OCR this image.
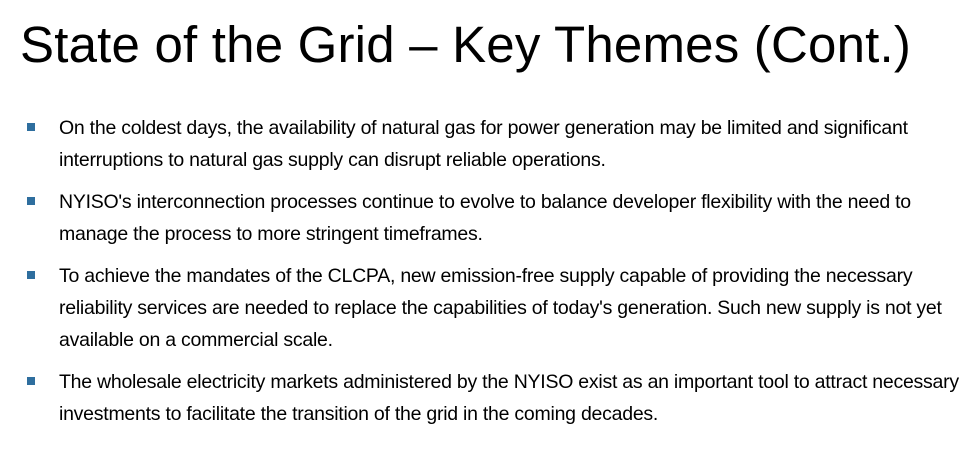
State of the Grid – Key Themes (Cont.)
On the coldest days, the availability of natural gas for power generation may be limited and significant interruptions to natural gas supply can disrupt reliable operations.
NYISO's interconnection processes continue to evolve to balance developer flexibility with the need to manage the process to more stringent timeframes.
To achieve the mandates of the CLCPA, new emission-free supply capable of providing the necessary reliability services are needed to replace the capabilities of today's generation. Such new supply is not yet available on a commercial scale.
The wholesale electricity markets administered by the NYISO exist as an important tool to attract necessary investments to facilitate the transition of the grid in the coming decades.
